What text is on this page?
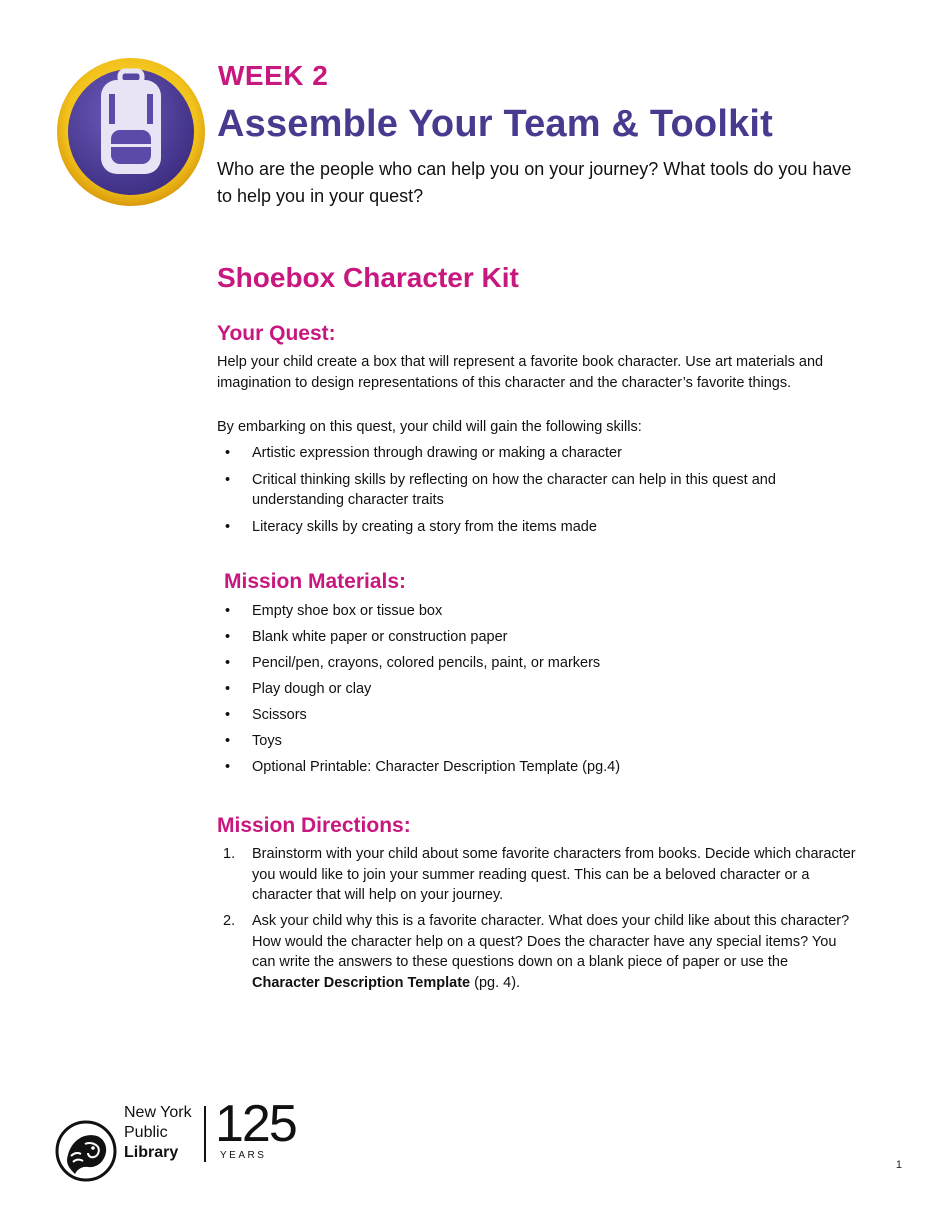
WEEK 2
Assemble Your Team & Toolkit
Who are the people who can help you on your journey? What tools do you have to help you in your quest?
Shoebox Character Kit
Your Quest:
Help your child create a box that will represent a favorite book character. Use art materials and imagination to design representations of this character and the character’s favorite things.
By embarking on this quest, your child will gain the following skills:
• Artistic expression through drawing or making a character
• Critical thinking skills by reflecting on how the character can help in this quest and understanding character traits
• Literacy skills by creating a story from the items made
Mission Materials:
• Empty shoe box or tissue box
• Blank white paper or construction paper
• Pencil/pen, crayons, colored pencils, paint, or markers
• Play dough or clay
• Scissors
• Toys
• Optional Printable: Character Description Template (pg.4)
Mission Directions:
1. Brainstorm with your child about some favorite characters from books. Decide which character you would like to join your summer reading quest. This can be a beloved character or a character that will help on your journey.
2. Ask your child why this is a favorite character. What does your child like about this character? How would the character help on a quest? Does the character have any special items? You can write the answers to these questions down on a blank piece of paper or use the Character Description Template (pg. 4).
New York
Public
Library 125
YEARS
1
